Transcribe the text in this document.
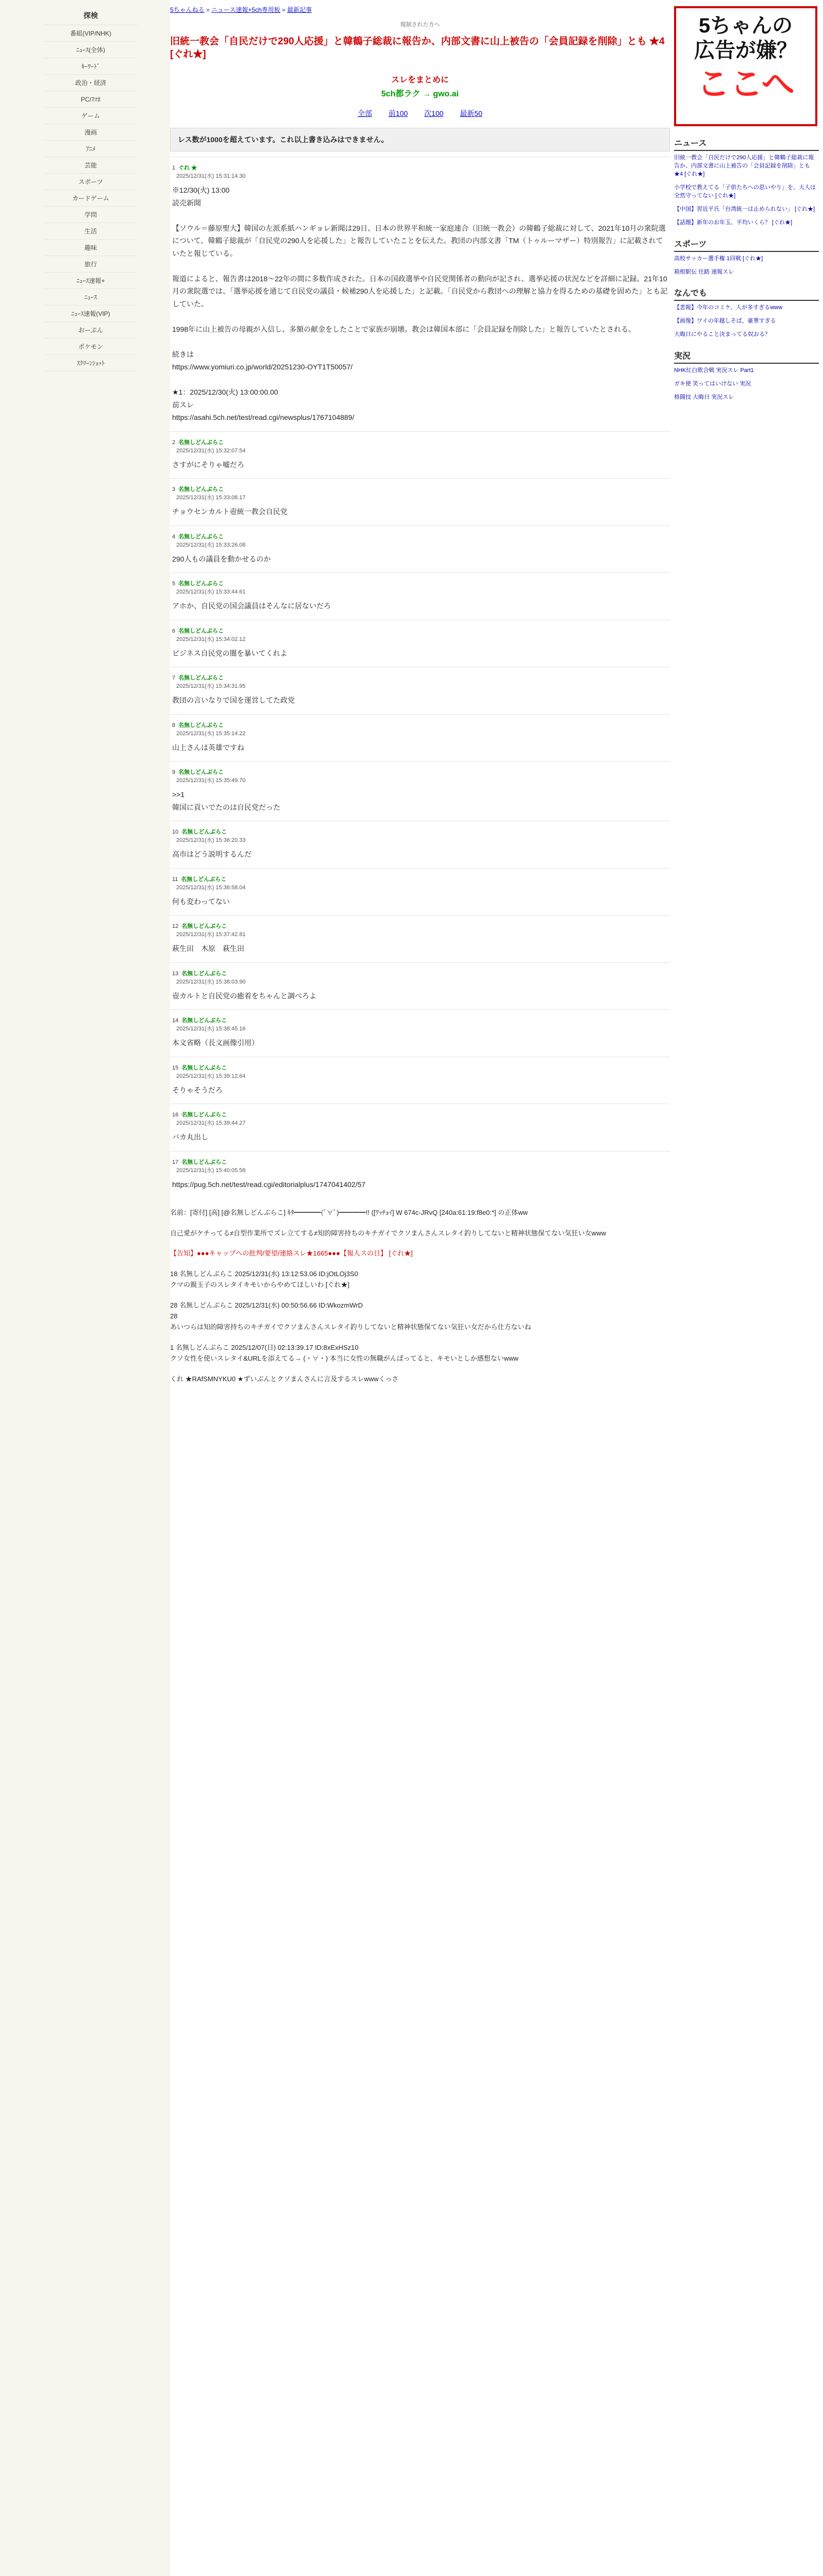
探検
番組(VIP/NHK)
ﾆｭｰｽ(全体)
ｷｰﾜｰﾄﾞ
政治・経済
PC/ｽﾏﾎ
ゲーム
漫画
ｱﾆﾒ
芸能
スポーツ
カードゲーム
学問
生活
趣味
旅行
ﾆｭｰｽ速報+
ﾆｭｰｽ
ﾆｭｰｽ速報(VIP)
おーぷん
ポケモン
ｽｸﾘｰﾝｼｮｯﾄ
5ちゃんねる » ニュース速報+5ch専用板 » 最新記事
規制された方へ
旧統一教会「自民だけで290人応援」と韓鶴子総裁に報告か、内部文書に山上被告の「会員記録を削除」とも ★4 [ぐれ★]
スレをまとめに
5ch都ラク → gwo.ai
全部 前100 次100 最新50
レス数が1000を超えています。これ以上書き込みはできません。
1 ぐれ ★
2025/12/31(水) 15:31:14.30
※12/30(火) 13:00
読売新聞

【ソウル＝藤原聖大】韓国の左派系紙ハンギョレ新聞は29日、日本の世界平和統一家庭連合（旧統一教会）の韓鶴子総裁に対して、2021年10月の衆院選について、韓鶴子総裁が「自民党の290人を応援した」と報告していたことを伝えた。教団の内部文書「TM（トゥルーマザー）特別報告」に記載されていたと報じている。

報道によると、報告書は2018〜22年の間に多数作成された。日本の国政選挙や自民党関係者の動向が記され、選挙応援の状況などを詳細に記録。21年10月の衆院選では、「選挙応援を通じて自民党の議員・候補290人を応援した」と記載。「自民党から教団への理解と協力を得るための基礎を固めた」とも記していた。

1998年に山上被告の母親が入信し、多額の献金をしたことで家族が崩壊。教会は韓国本部に「会員記録を削除した」と報告していたとされる。

続きは
https://www.yomiuri.co.jp/world/20251230-OYT1T50057/

★1：2025/12/30(火) 13:00:00.00
前スレ
https://asahi.5ch.net/test/read.cgi/newsplus/1767104889/
2 名無しどんぶらこ
2025/12/31(水) 15:32:07.54
さすがにそりゃ嘘だろ
3 名無しどんぶらこ
2025/12/31(水) 15:33:08.17
チョウセンカルト壺統一教会自民党
4 名無しどんぶらこ
2025/12/31(水) 15:33:26.08
290人もの議員を動かせるのか
5 名無しどんぶらこ
2025/12/31(水) 15:33:44.61
アホか、自民党の国会議員はそんなに居ないだろ
6 名無しどんぶらこ
2025/12/31(水) 15:34:02.12
ビジネス自民党の闇を暴いてくれよ
7 名無しどんぶらこ
2025/12/31(水) 15:34:31.95
教団の言いなりで国を運営してた政党
8 名無しどんぶらこ
2025/12/31(水) 15:35:14.22
山上さんは英雄ですね
9 名無しどんぶらこ
2025/12/31(水) 15:35:49.70
>>1
韓国に貢いでたのは自民党だった
10 名無しどんぶらこ
2025/12/31(水) 15:36:20.33
高市はどう説明するんだ
11 名無しどんぶらこ
2025/12/31(水) 15:36:58.04
何も変わってない
12 名無しどんぶらこ
2025/12/31(水) 15:37:42.81
萩生田　木原　萩生田
13 名無しどんぶらこ
2025/12/31(水) 15:38:03.90
壺カルトと自民党の癒着をちゃんと調べろよ
14 名無しどんぶらこ
2025/12/31(水) 15:38:45.16
本文省略（長文画像引用）
15 名無しどんぶらこ
2025/12/31(水) 15:39:12.64
そりゃそうだろ
16 名無しどんぶらこ
2025/12/31(水) 15:39:44.27
バカ丸出し
17 名無しどんぶらこ
2025/12/31(水) 15:40:05.58
https://pug.5ch.net/test/read.cgi/editorialplus/1747041402/57
名前：[寄付] [高] [@名無しどんぶらこ] ｷﾀ━━━━(ﾟ∀ﾟ)━━━━!! ([ﾜｯﾁｮｲ] W 674c-JRvQ [240a:61:19:f8e0:*] の正体ww
自己愛がケチってる≠自型作業所でズレ立てする≠知的障害持ちのキチガイでクソまんさんスレタイ釣りしてないと精神状態保てない気狂い女www
【告知】●●●キャップへの批判/要望/連絡スレ★1665●●●【報人スの日】 [ぐれ★]
18 名無しどんぶらこ 2025/12/31(水) 13:12:53.06 ID:jOtLOj3S0
クマの親玉子のスレタイキモいからやめてほしいわ [ぐれ★]
28 名無しどんぶらこ 2025/12/31(水) 00:50:56.66 ID:WkozmWrD
28
あいつらは知的障害持ちのキチガイでクソまんさんスレタイ釣りしてないと精神状態保てない気狂い女だから仕方ないね
1 名無しどんぶらこ 2025/12/07(日) 02:13:39.17 ID:8xExHSz10
クソ女性を使いスレタイ&URLを添えてる→ (・∀・) 本当に女性の無職がんばってると、キモいとしか感想ないwww
くれ ★RAfSMNYKU0 ★ずいぶんとクソまんさんに言及するスレwwwくっさ
5ちゃんの
広告が嫌？
ここへ
ニュース
旧統一教会「自民だけで290人応援」と韓鶴子総裁に報告か、内部文書に山上被告の「会員記録を削除」とも★4 [ぐれ★]
小学校で教えてる「子供たちへの思いやり」を、大人は全然守ってない [ぐれ★]
【中国】習近平氏「台湾統一は止められない」 [ぐれ★]
【話題】新年のお年玉、平均いくら？ [ぐれ★]
スポーツ
高校サッカー選手権 1回戦 [ぐれ★]
箱根駅伝 往路 速報スレ
なんでも
【悲報】今年のコミケ、人が多すぎるwww
【画像】ワイの年越しそば、豪華すぎる
大晦日にやること決まってる奴おる？
実況
NHK紅白歌合戦 実況スレ Part1
ガキ使 笑ってはいけない 実況
格闘技 大晦日 実況スレ
